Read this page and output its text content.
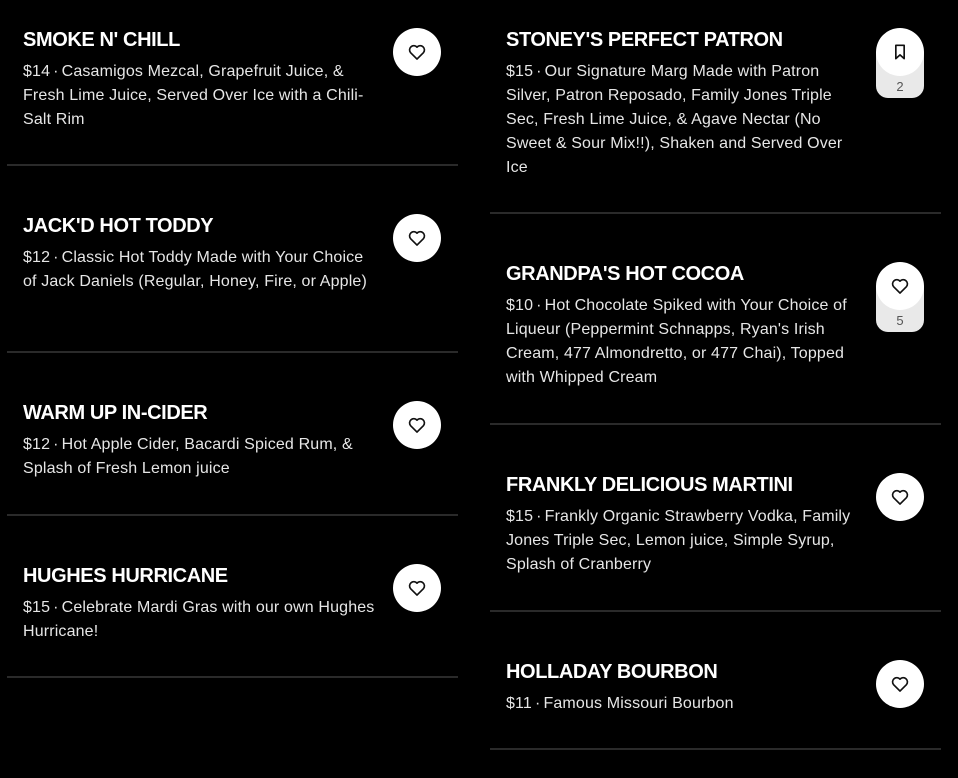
SMOKE N' CHILL

$14 · Casamigos Mezcal, Grapefruit Juice, & Fresh Lime Juice, Served Over Ice with a Chili-Salt Rim

JACK'D HOT TODDY

$12 · Classic Hot Toddy Made with Your Choice of Jack Daniels (Regular, Honey, Fire, or Apple)

WARM UP IN-CIDER

$12 · Hot Apple Cider, Bacardi Spiced Rum, & Splash of Fresh Lemon juice

HUGHES HURRICANE

$15 · Celebrate Mardi Gras with our own Hughes Hurricane!

STONEY'S PERFECT PATRON

$15 · Our Signature Marg Made with Patron Silver, Patron Reposado, Family Jones Triple Sec, Fresh Lime Juice, & Agave Nectar (No Sweet & Sour Mix!!), Shaken and Served Over Ice

2
GRANDPA'S HOT COCOA

$10 · Hot Chocolate Spiked with Your Choice of Liqueur (Peppermint Schnapps, Ryan's Irish Cream, 477 Almondretto, or 477 Chai), Topped with Whipped Cream

5
FRANKLY DELICIOUS MARTINI

$15 · Frankly Organic Strawberry Vodka, Family Jones Triple Sec, Lemon juice, Simple Syrup, Splash of Cranberry

HOLLADAY BOURBON

$11 · Famous Missouri Bourbon
